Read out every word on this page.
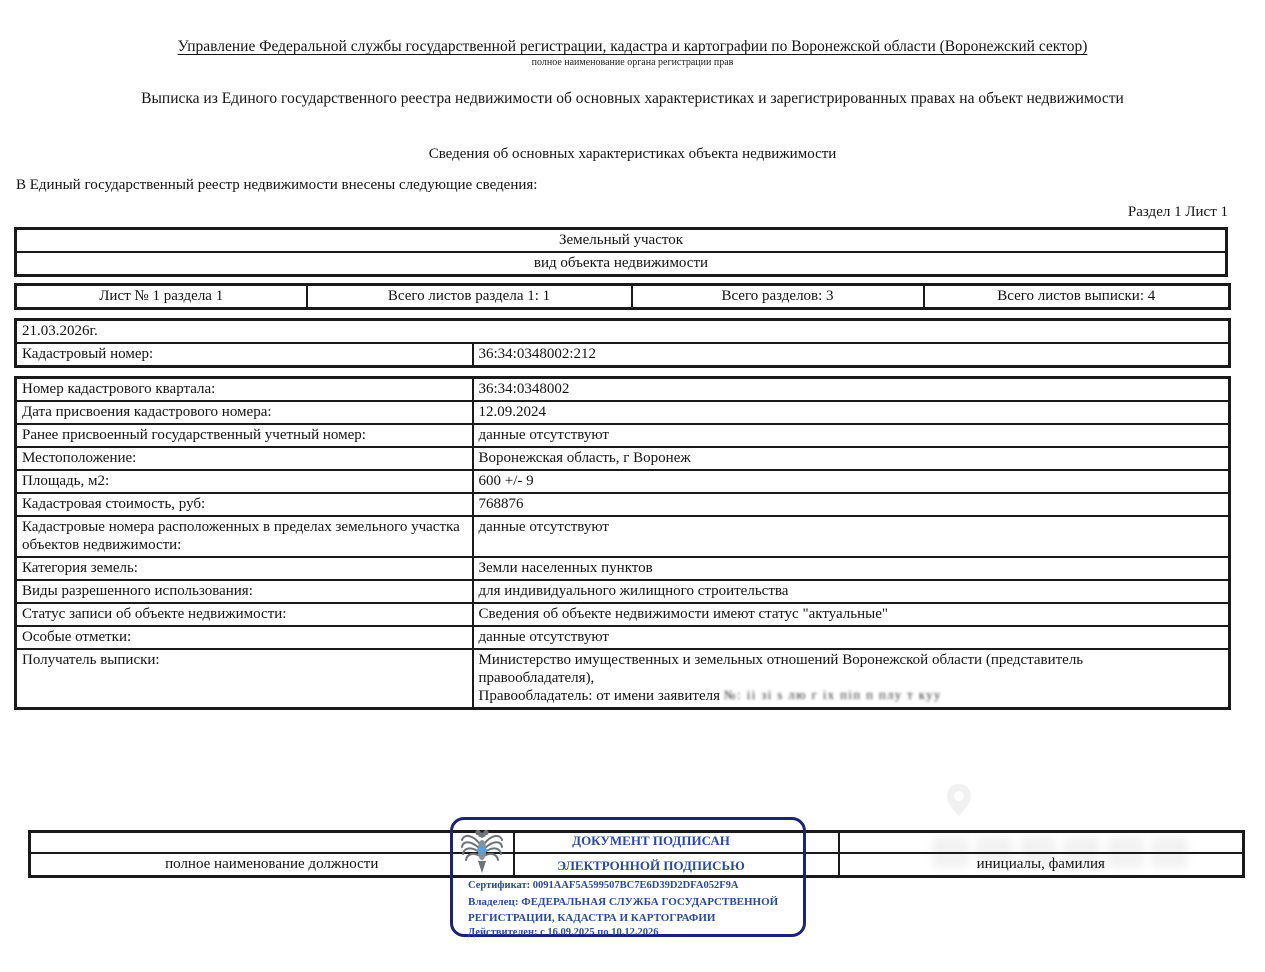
Управление Федеральной службы государственной регистрации, кадастра и картографии по Воронежской области (Воронежский сектор)
полное наименование органа регистрации прав
Выписка из Единого государственного реестра недвижимости об основных характеристиках и зарегистрированных правах на объект недвижимости
Сведения об основных характеристиках объекта недвижимости
В Единый государственный реестр недвижимости внесены следующие сведения:
Раздел 1 Лист 1
Земельный участок
вид объекта недвижимости
Лист № 1 раздела 1	Всего листов раздела 1: 1	Всего разделов: 3	Всего листов выписки: 4
21.03.2026г.
Кадастровый номер:	36:34:0348002:212
Номер кадастрового квартала:	36:34:0348002
Дата присвоения кадастрового номера:	12.09.2024
Ранее присвоенный государственный учетный номер:	данные отсутствуют
Местоположение:	Воронежская область, г Воронеж
Площадь, м2:	600 +/- 9
Кадастровая стоимость, руб:	768876
Кадастровые номера расположенных в пределах земельного участка объектов недвижимости:	данные отсутствуют
Категория земель:	Земли населенных пунктов
Виды разрешенного использования:	для индивидуального жилищного строительства
Статус записи об объекте недвижимости:	Сведения об объекте недвижимости имеют статус "актуальные"
Особые отметки:	данные отсутствуют
Получатель выписки:	Министерство имущественных и земельных отношений Воронежской области (представитель правообладателя),
Правообладатель: от имени заявителя №: іі зі ѕ лю г іх піп п плу т куу

полное наименование должности		инициалы, фамилия
ДОКУМЕНТ ПОДПИСАН
ЭЛЕКТРОННОЙ ПОДПИСЬЮ
Сертификат: 0091AAF5A599507BC7E6D39D2DFA052F9A
Владелец: ФЕДЕРАЛЬНАЯ СЛУЖБА ГОСУДАРСТВЕННОЙ
РЕГИСТРАЦИИ, КАДАСТРА И КАРТОГРАФИИ
Действителен: с 16.09.2025 по 10.12.2026
